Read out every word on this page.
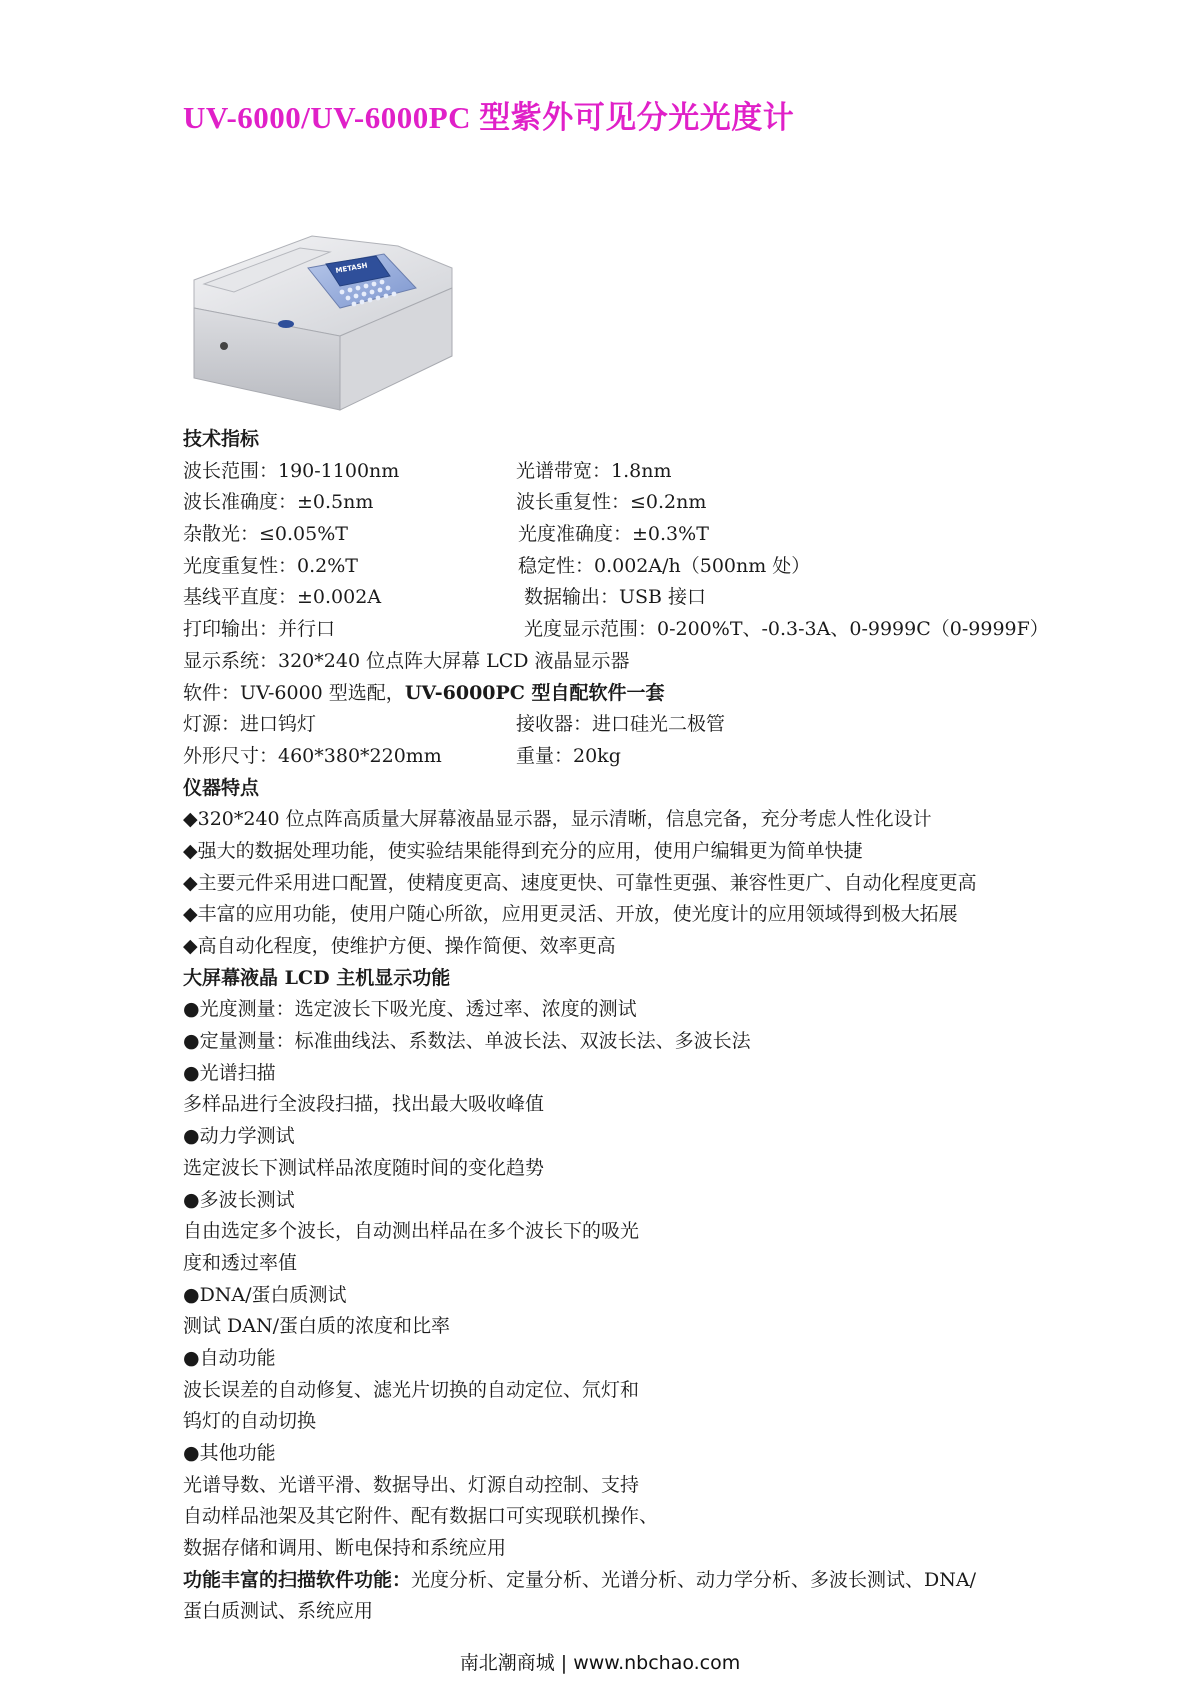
UV-6000/UV-6000PC 型紫外可见分光光度计
METASH
技术指标
波长范围：190-1100nm	光谱带宽：1.8nm
波长准确度：±0.5nm	波长重复性：≤0.2nm
杂散光：≤0.05%T	光度准确度：±0.3%T
光度重复性：0.2%T	稳定性：0.002A/h（500nm 处）
基线平直度：±0.002A	数据输出：USB 接口
打印输出：并行口	光度显示范围：0-200%T、-0.3-3A、0-9999C（0-9999F）
显示系统：320*240 位点阵大屏幕 LCD 液晶显示器
软件：UV-6000 型选配，UV-6000PC 型自配软件一套
灯源：进口钨灯	接收器：进口硅光二极管
外形尺寸：460*380*220mm	重量：20kg
仪器特点
◆320*240 位点阵高质量大屏幕液晶显示器，显示清晰，信息完备，充分考虑人性化设计
◆强大的数据处理功能，使实验结果能得到充分的应用，使用户编辑更为简单快捷
◆主要元件采用进口配置，使精度更高、速度更快、可靠性更强、兼容性更广、自动化程度更高
◆丰富的应用功能，使用户随心所欲，应用更灵活、开放，使光度计的应用领域得到极大拓展
◆高自动化程度，使维护方便、操作简便、效率更高
大屏幕液晶 LCD 主机显示功能
●光度测量：选定波长下吸光度、透过率、浓度的测试
●定量测量：标准曲线法、系数法、单波长法、双波长法、多波长法
●光谱扫描
多样品进行全波段扫描，找出最大吸收峰值
●动力学测试
选定波长下测试样品浓度随时间的变化趋势
●多波长测试
自由选定多个波长，自动测出样品在多个波长下的吸光
度和透过率值
●DNA/蛋白质测试
测试 DAN/蛋白质的浓度和比率
●自动功能
波长误差的自动修复、滤光片切换的自动定位、氘灯和
钨灯的自动切换
●其他功能
光谱导数、光谱平滑、数据导出、灯源自动控制、支持
自动样品池架及其它附件、配有数据口可实现联机操作、
数据存储和调用、断电保持和系统应用
功能丰富的扫描软件功能：光度分析、定量分析、光谱分析、动力学分析、多波长测试、DNA/
蛋白质测试、系统应用
南北潮商城 | www.nbchao.com
